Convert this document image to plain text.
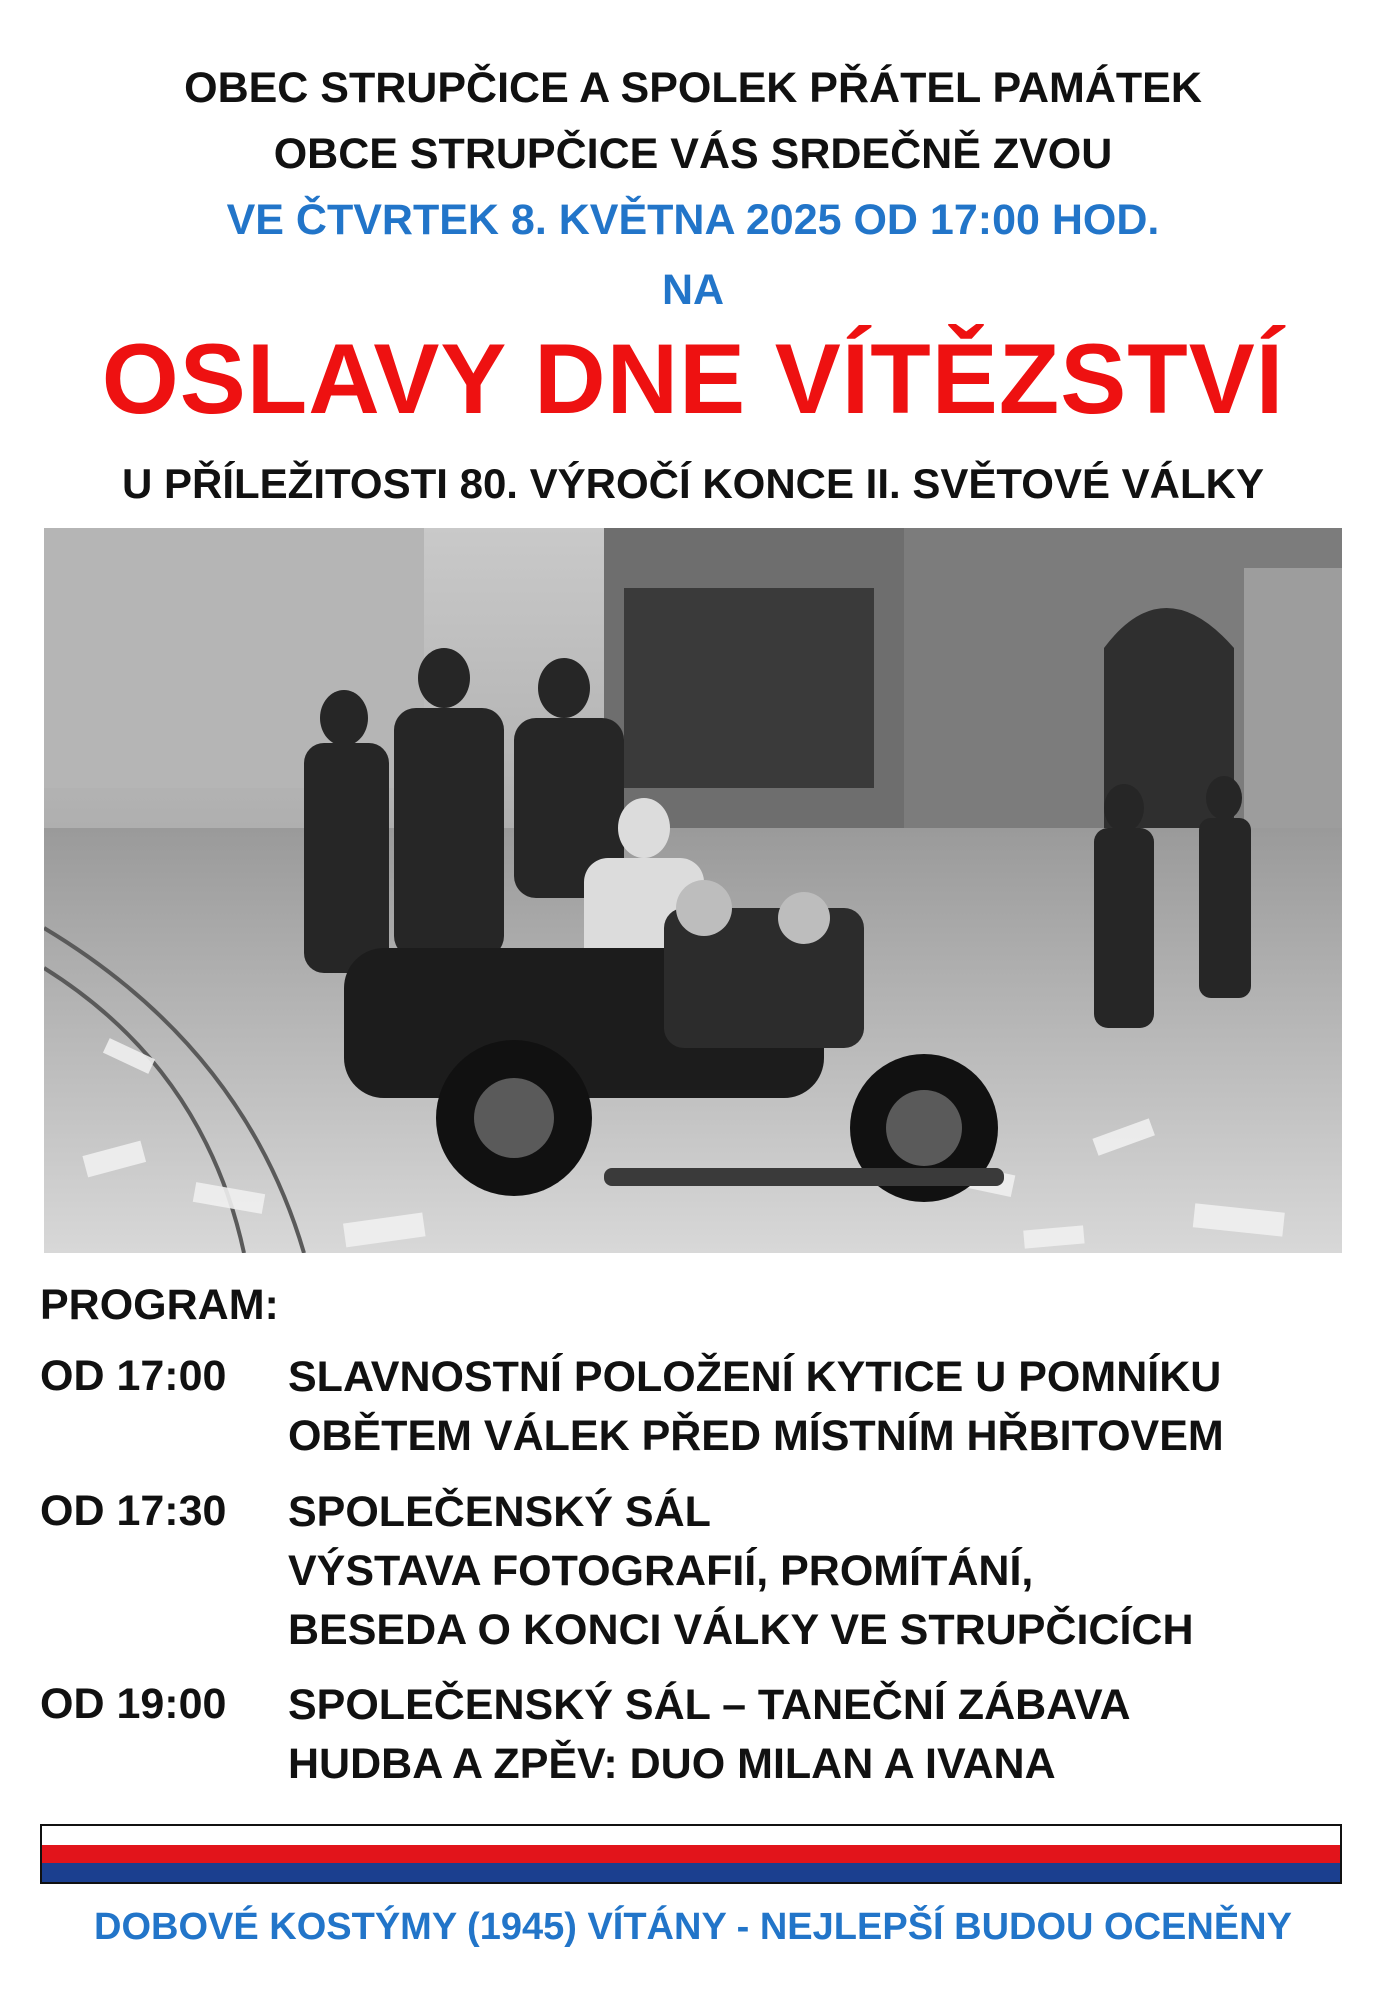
OBEC STRUPČICE A SPOLEK PŘÁTEL PAMÁTEK
OBCE STRUPČICE VÁS SRDEČNĚ ZVOU
VE ČTVRTEK 8. KVĚTNA 2025 OD 17:00 HOD.
NA
OSLAVY DNE VÍTĚZSTVÍ
U PŘÍLEŽITOSTI 80. VÝROČÍ KONCE II. SVĚTOVÉ VÁLKY
PROGRAM:
OD 17:00 SLAVNOSTNÍ POLOŽENÍ KYTICE U POMNÍKU
OBĚTEM VÁLEK PŘED MÍSTNÍM HŘBITOVEM
OD 17:30 SPOLEČENSKÝ SÁL
VÝSTAVA FOTOGRAFIÍ, PROMÍTÁNÍ,
BESEDA O KONCI VÁLKY VE STRUPČICÍCH
OD 19:00 SPOLEČENSKÝ SÁL – TANEČNÍ ZÁBAVA
HUDBA A ZPĚV: DUO MILAN A IVANA
DOBOVÉ KOSTÝMY (1945) VÍTÁNY - NEJLEPŠÍ BUDOU OCENĚNY
